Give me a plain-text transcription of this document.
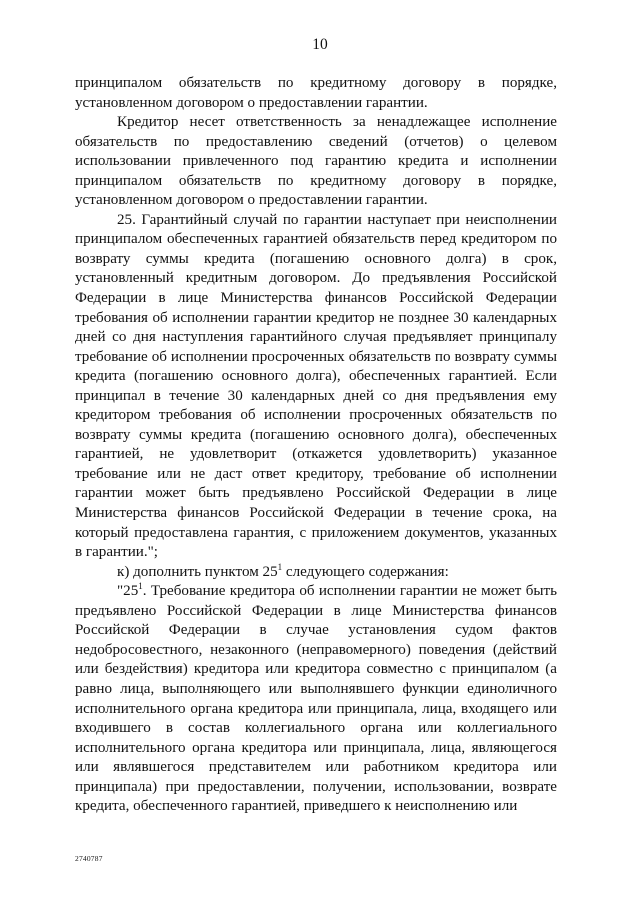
10

принципалом обязательств по кредитному договору в порядке, установленном договором о предоставлении гарантии.

Кредитор несет ответственность за ненадлежащее исполнение обязательств по предоставлению сведений (отчетов) о целевом использовании привлеченного под гарантию кредита и исполнении принципалом обязательств по кредитному договору в порядке, установленном договором о предоставлении гарантии.

25. Гарантийный случай по гарантии наступает при неисполнении принципалом обеспеченных гарантией обязательств перед кредитором по возврату суммы кредита (погашению основного долга) в срок, установленный кредитным договором. До предъявления Российской Федерации в лице Министерства финансов Российской Федерации требования об исполнении гарантии кредитор не позднее 30 календарных дней со дня наступления гарантийного случая предъявляет принципалу требование об исполнении просроченных обязательств по возврату суммы кредита (погашению основного долга), обеспеченных гарантией. Если принципал в течение 30 календарных дней со дня предъявления ему кредитором требования об исполнении просроченных обязательств по возврату суммы кредита (погашению основного долга), обеспеченных гарантией, не удовлетворит (откажется удовлетворить) указанное требование или не даст ответ кредитору, требование об исполнении гарантии может быть предъявлено Российской Федерации в лице Министерства финансов Российской Федерации в течение срока, на который предоставлена гарантия, с приложением документов, указанных в гарантии.";

к) дополнить пунктом $25^1$ следующего содержания:

"$25^1$. Требование кредитора об исполнении гарантии не может быть предъявлено Российской Федерации в лице Министерства финансов Российской Федерации в случае установления судом фактов недобросовестного, незаконного (неправомерного) поведения (действий или бездействия) кредитора или кредитора совместно с принципалом (а равно лица, выполняющего или выполнявшего функции единоличного исполнительного органа кредитора или принципала, лица, входящего или входившего в состав коллегиального органа или коллегиального исполнительного органа кредитора или принципала, лица, являющегося или являвшегося представителем или работником кредитора или принципала) при предоставлении, получении, использовании, возврате кредита, обеспеченного гарантией, приведшего к неисполнению или

2740787
